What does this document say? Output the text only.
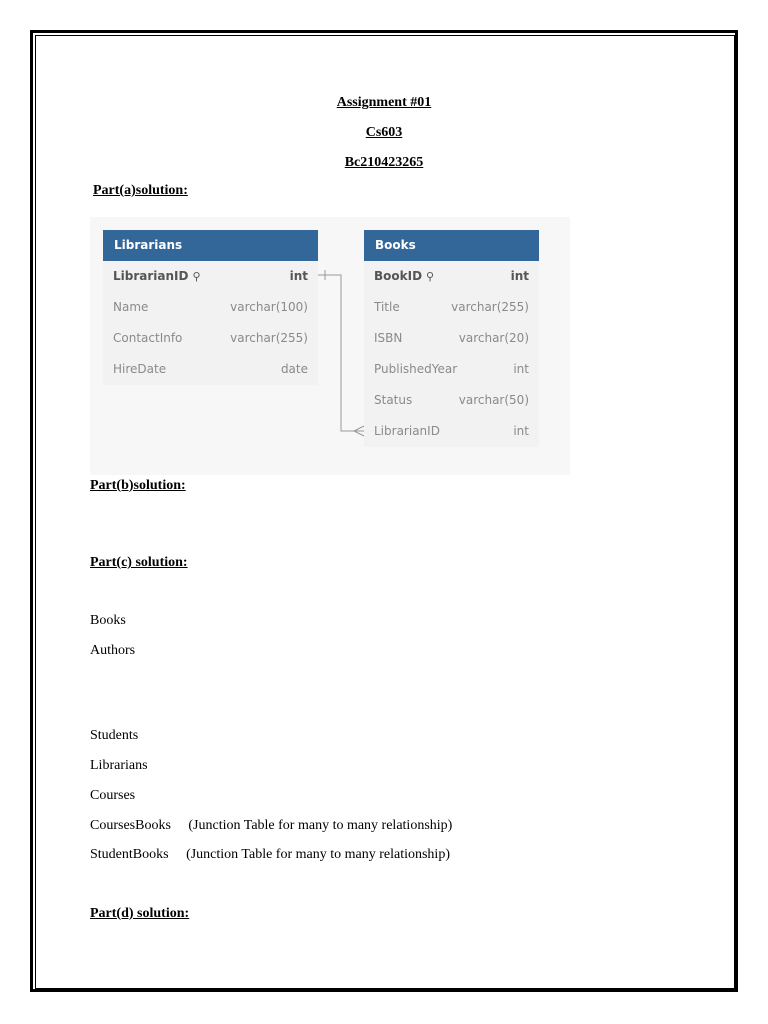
Assignment #01
Cs603
Bc210423265
Part(a)solution:
Librarians
LibrarianID ⚲	int
Name	varchar(100)
ContactInfo	varchar(255)
HireDate	date
Books
BookID ⚲	int
Title	varchar(255)
ISBN	varchar(20)
PublishedYear	int
Status	varchar(50)
LibrarianID	int
Part(b)solution:
Part(c) solution:
Books
Authors
Students
Librarians
Courses
CoursesBooks     (Junction Table for many to many relationship)
StudentBooks     (Junction Table for many to many relationship)
Part(d) solution:
